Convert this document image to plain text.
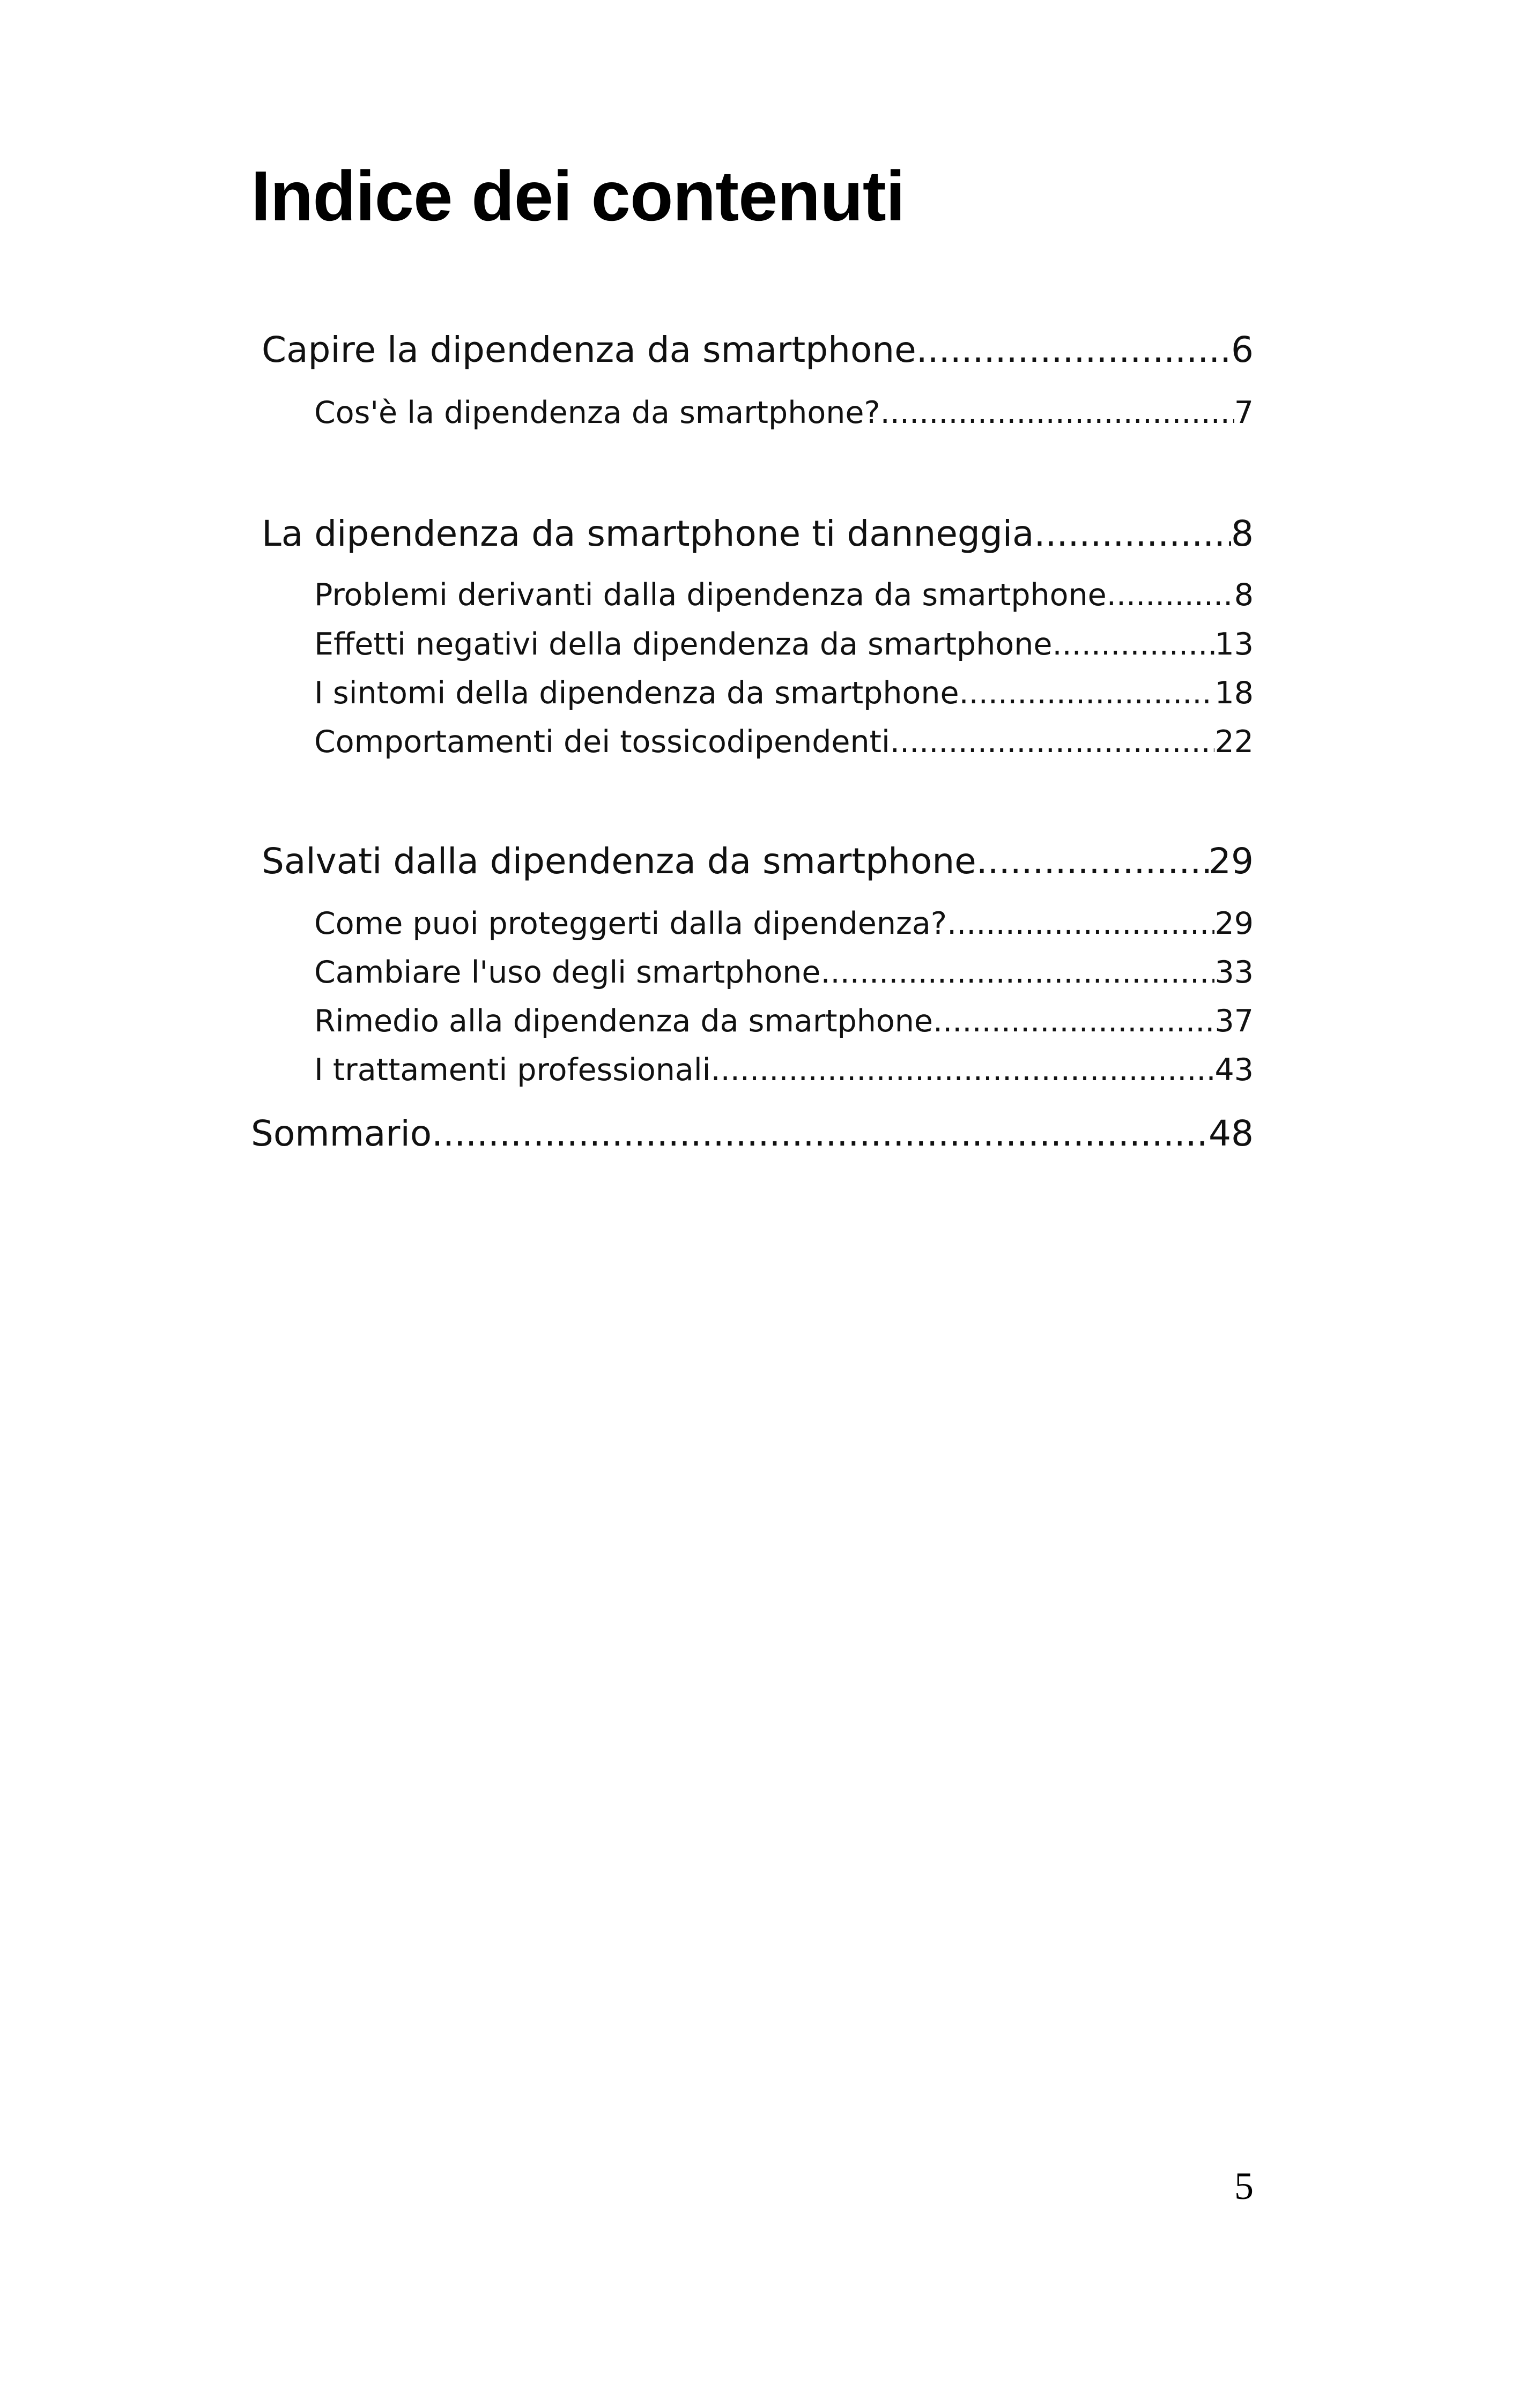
Indice dei contenuti
Capire la dipendenza da smartphone .....	6
Cos'è la dipendenza da smartphone? .....	7
La dipendenza da smartphone ti danneggia .....	8
Problemi derivanti dalla dipendenza da smartphone .....	8
Effetti negativi della dipendenza da smartphone .....	13
I sintomi della dipendenza da smartphone .....	18
Comportamenti dei tossicodipendenti .....	22
Salvati dalla dipendenza da smartphone .....	29
Come puoi proteggerti dalla dipendenza? .....	29
Cambiare l'uso degli smartphone .....	33
Rimedio alla dipendenza da smartphone .....	37
I trattamenti professionali .....	43
Sommario .....	48
5
